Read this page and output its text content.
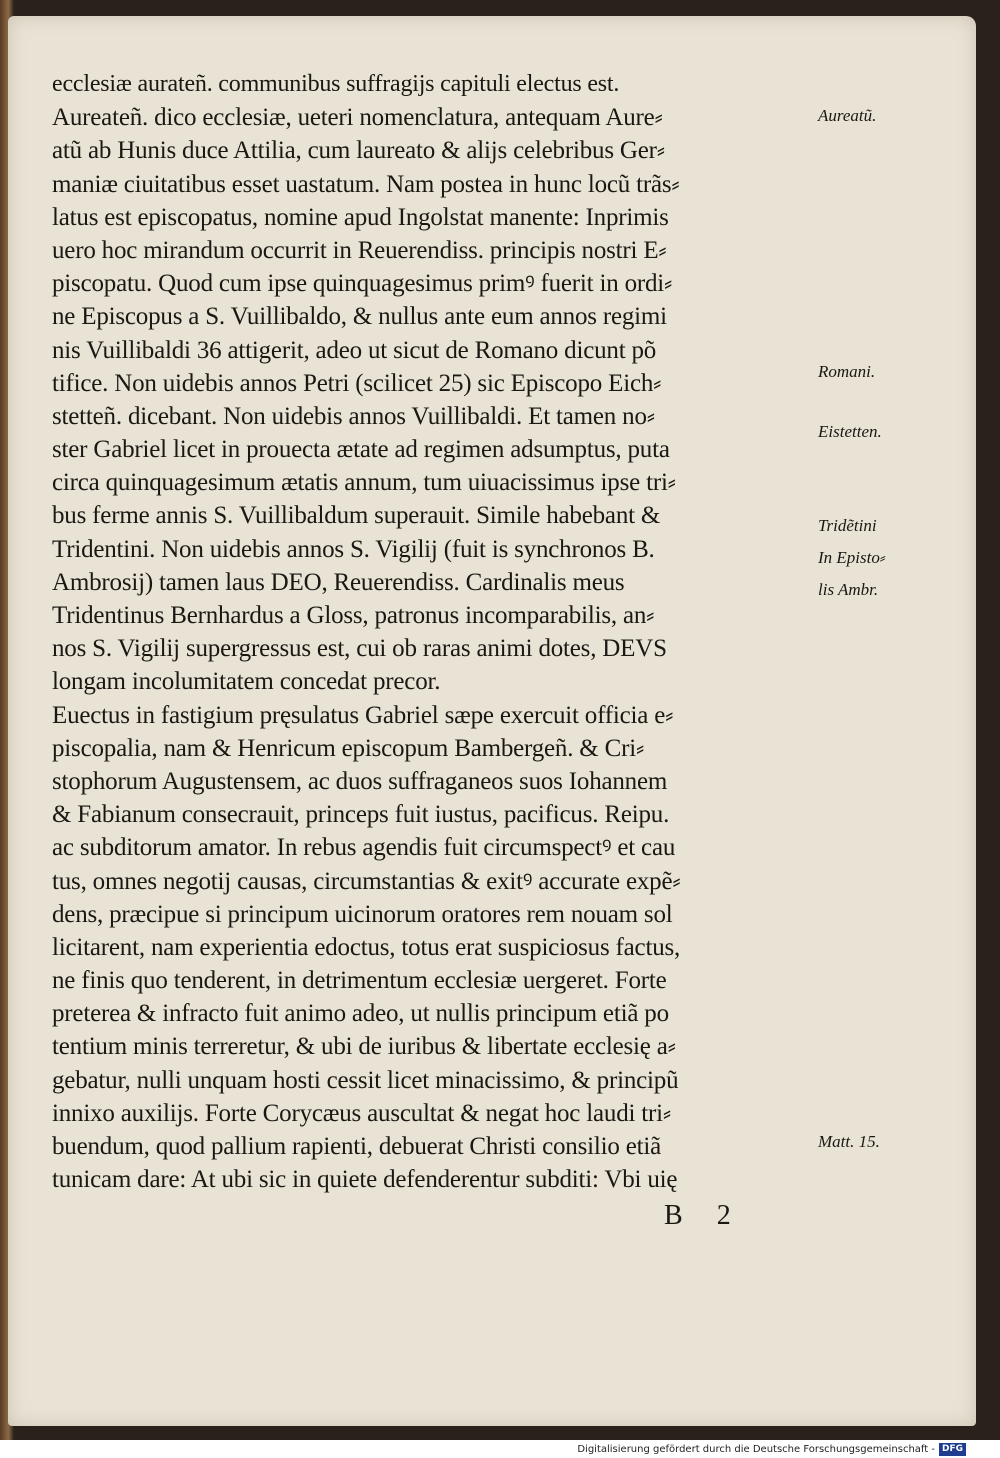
ecclesiæ aurateñ. communibus suffragijs capituli electus est.
Aureateñ. dico ecclesiæ, ueteri nomenclatura, antequam Aure⸗
atũ ab Hunis duce Attilia, cum laureato & alijs celebribus Ger⸗
maniæ ciuitatibus esset uastatum. Nam postea in hunc locũ trãs⸗
latus est episcopatus, nomine apud Ingolstat manente: Inprimis
uero hoc mirandum occurrit in Reuerendiss. principis nostri E⸗
piscopatu. Quod cum ipse quinquagesimus primꝰ fuerit in ordi⸗
ne Episcopus a S. Vuillibaldo, & nullus ante eum annos regimi
nis Vuillibaldi 36 attigerit, adeo ut sicut de Romano dicunt põ
tifice. Non uidebis annos Petri (scilicet 25) sic Episcopo Eich⸗
stetteñ. dicebant. Non uidebis annos Vuillibaldi. Et tamen no⸗
ster Gabriel licet in prouecta ætate ad regimen adsumptus, puta
circa quinquagesimum ætatis annum, tum uiuacissimus ipse tri⸗
bus ferme annis S. Vuillibaldum superauit. Simile habebant &
Tridentini. Non uidebis annos S. Vigilij (fuit is synchronos B.
Ambrosij) tamen laus DEO, Reuerendiss. Cardinalis meus
Tridentinus Bernhardus a Gloss, patronus incomparabilis, an⸗
nos S. Vigilij supergressus est, cui ob raras animi dotes, DEVS
longam incolumitatem concedat precor.
Euectus in fastigium pręsulatus Gabriel sæpe exercuit officia e⸗
piscopalia, nam & Henricum episcopum Bambergeñ. & Cri⸗
stophorum Augustensem, ac duos suffraganeos suos Iohannem
& Fabianum consecrauit, princeps fuit iustus, pacificus. Reipu.
ac subditorum amator. In rebus agendis fuit circumspectꝰ et cau
tus, omnes negotij causas, circumstantias & exitꝰ accurate expẽ⸗
dens, præcipue si principum uicinorum oratores rem nouam sol
licitarent, nam experientia edoctus, totus erat suspiciosus factus,
ne finis quo tenderent, in detrimentum ecclesiæ uergeret. Forte
preterea & infracto fuit animo adeo, ut nullis principum etiã po
tentium minis terreretur, & ubi de iuribus & libertate ecclesię a⸗
gebatur, nulli unquam hosti cessit licet minacissimo, & principũ
innixo auxilijs. Forte Corycæus auscultat & negat hoc laudi tri⸗
buendum, quod pallium rapienti, debuerat Christi consilio etiã
tunicam dare: At ubi sic in quiete defenderentur subditi: Vbi uię
Aureatũ.
Romani.
Eistetten.
Tridẽtini
In Episto⸗
lis Ambr.
Matt. 15.
B 2
Digitalisierung gefördert durch die Deutsche Forschungsgemeinschaft - DFG
